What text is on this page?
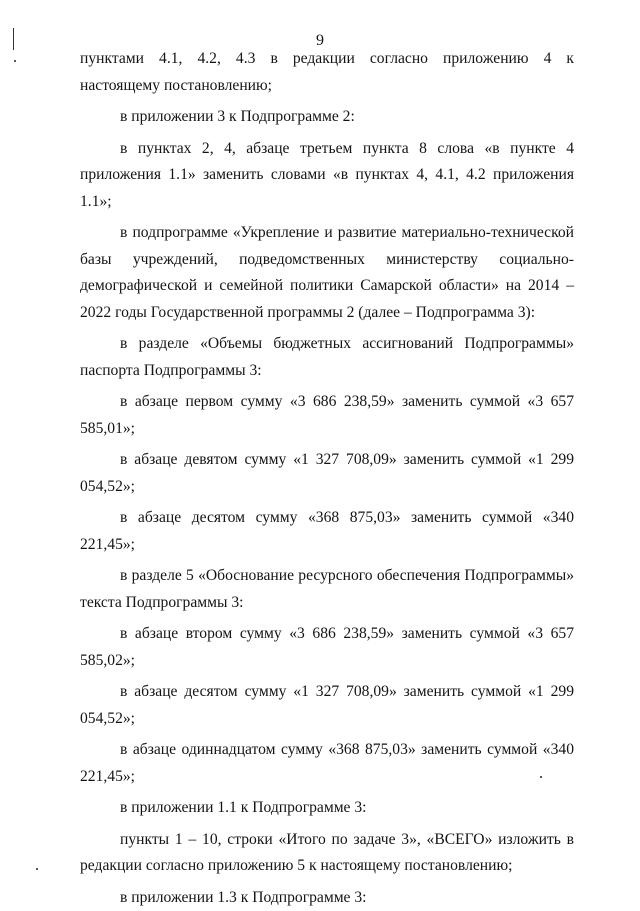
9

пунктами 4.1, 4.2, 4.3 в редакции согласно приложению 4 к

настоящему постановлению;

в приложении 3 к Подпрограмме 2:

в пунктах 2, 4, абзаце третьем пункта 8 слова «в пункте 4 приложения 1.1» заменить словами «в пунктах 4, 4.1, 4.2 приложения 1.1»;

в подпрограмме «Укрепление и развитие материально-технической базы учреждений, подведомственных министерству социально-демографической и семейной политики Самарской области» на 2014 – 2022 годы Государственной программы 2 (далее – Подпрограмма 3):

в разделе «Объемы бюджетных ассигнований Подпрограммы» паспорта Подпрограммы 3:

в абзаце первом сумму «3 686 238,59» заменить суммой «3 657 585,01»;

в абзаце девятом сумму «1 327 708,09» заменить суммой «1 299 054,52»;

в абзаце десятом сумму «368 875,03» заменить суммой «340 221,45»;

в разделе 5 «Обоснование ресурсного обеспечения Подпрограммы» текста Подпрограммы 3:

в абзаце втором сумму «3 686 238,59» заменить суммой «3 657 585,02»;

в абзаце десятом сумму «1 327 708,09» заменить суммой «1 299 054,52»;

в абзаце одиннадцатом сумму «368 875,03» заменить суммой «340 221,45»;

в приложении 1.1 к Подпрограмме 3:

пункты 1 – 10, строки «Итого по задаче 3», «ВСЕГО» изложить в редакции согласно приложению 5 к настоящему постановлению;

в приложении 1.3 к Подпрограмме 3:
